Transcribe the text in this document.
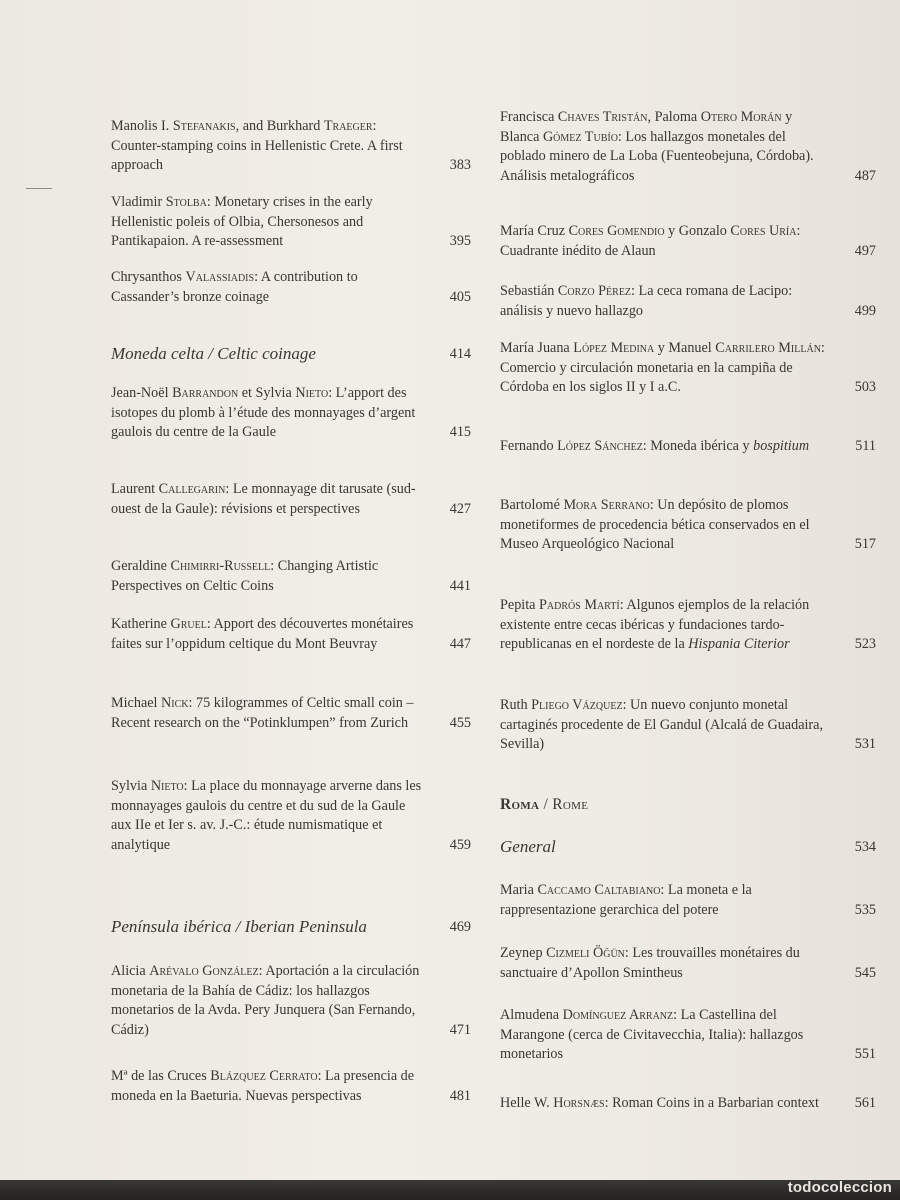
Manolis I. Stefanakis, and Burkhard Traeger: Counter-stamping coins in Hellenistic Crete. A first approach	383
Vladimir Stolba: Monetary crises in the early Hellenistic poleis of Olbia, Chersonesos and Pantikapaion. A re-assessment	395
Chrysanthos Valassiadis: A contribution to Cassander’s bronze coinage	405
Moneda celta / Celtic coinage	414
Jean-Noël Barrandon et Sylvia Nieto: L’apport des isotopes du plomb à l’étude des monnayages d’argent gaulois du centre de la Gaule	415
Laurent Callegarin: Le monnayage dit tarusate (sud-ouest de la Gaule): révisions et perspectives	427
Geraldine Chimirri-Russell: Changing Artistic Perspectives on Celtic Coins	441
Katherine Gruel: Apport des découvertes monétaires faites sur l’oppidum celtique du Mont Beuvray	447
Michael Nick: 75 kilogrammes of Celtic small coin – Recent research on the “Potinklumpen” from Zurich	455
Sylvia Nieto: La place du monnayage arverne dans les monnayages gaulois du centre et du sud de la Gaule aux IIe et Ier s. av. J.-C.: étude numismatique et analytique	459
Península ibérica / Iberian Peninsula	469
Alicia Arévalo González: Aportación a la circulación monetaria de la Bahía de Cádiz: los hallazgos monetarios de la Avda. Pery Junquera (San Fernando, Cádiz)	471
Mª de las Cruces Blázquez Cerrato: La presencia de moneda en la Baeturia. Nuevas perspectivas	481
Francisca Chaves Tristán, Paloma Otero Morán y Blanca Gómez Tubío: Los hallazgos monetales del poblado minero de La Loba (Fuenteobejuna, Córdoba). Análisis metalográficos	487
María Cruz Cores Gomendio y Gonzalo Cores Uría: Cuadrante inédito de Alaun	497
Sebastián Corzo Pérez: La ceca romana de Lacipo: análisis y nuevo hallazgo	499
María Juana López Medina y Manuel Carrilero Millán: Comercio y circulación monetaria en la campiña de Córdoba en los siglos II y I a.C.	503
Fernando López Sánchez: Moneda ibérica y bospitium	511
Bartolomé Mora Serrano: Un depósito de plomos monetiformes de procedencia bética conservados en el Museo Arqueológico Nacional	517
Pepita Padrós Martí: Algunos ejemplos de la relación existente entre cecas ibéricas y fundaciones tardo-republicanas en el nordeste de la Hispania Citerior	523
Ruth Pliego Vázquez: Un nuevo conjunto monetal cartaginés procedente de El Gandul (Alcalá de Guadaira, Sevilla)	531
Roma / Rome
General	534
Maria Caccamo Caltabiano: La moneta e la rappresentazione gerarchica del potere	535
Zeynep Cizmeli Öğün: Les trouvailles monétaires du sanctuaire d’Apollon Smintheus	545
Almudena Domínguez Arranz: La Castellina del Marangone (cerca de Civitavecchia, Italia): hallazgos monetarios	551
Helle W. Horsnæs: Roman Coins in a Barbarian context	561
todocoleccion
